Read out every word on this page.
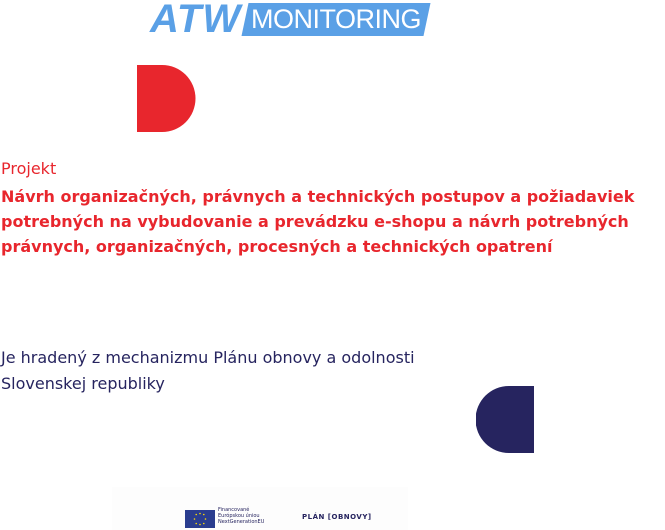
ATW MONITORING

Projekt

Návrh organizačných, právnych a technických postupov a požiadaviek
potrebných na vybudovanie a prevádzku e-shopu a návrh potrebných
právnych, organizačných, procesných a technických opatrení

Je hradený z mechanizmu Plánu obnovy a odolnosti
Slovenskej republiky

Financované
Európskou úniou
NextGenerationEU
PLÁN [OBNOVY]
